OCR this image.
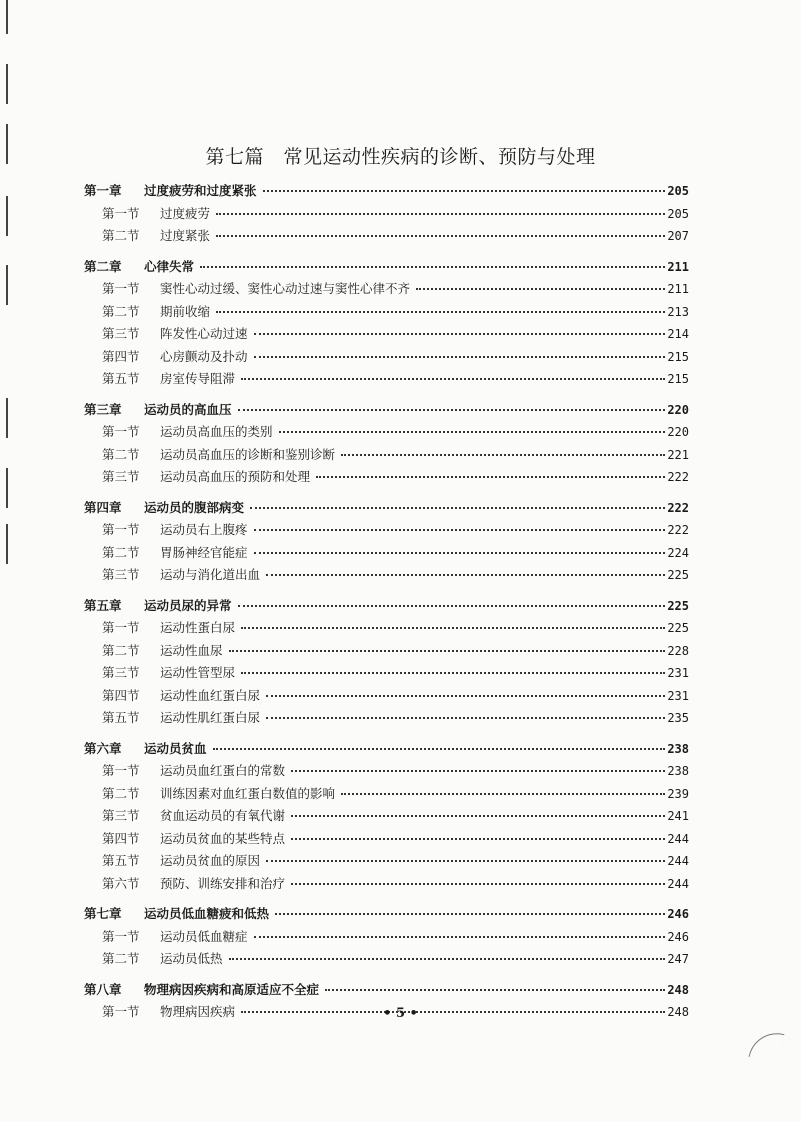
第七篇　常见运动性疾病的诊断、预防与处理
第一章	过度疲劳和过度紧张	205
第一节	过度疲劳	205
第二节	过度紧张	207
第二章	心律失常	211
第一节	窦性心动过缓、窦性心动过速与窦性心律不齐	211
第二节	期前收缩	213
第三节	阵发性心动过速	214
第四节	心房颤动及扑动	215
第五节	房室传导阻滞	215
第三章	运动员的高血压	220
第一节	运动员高血压的类别	220
第二节	运动员高血压的诊断和鉴别诊断	221
第三节	运动员高血压的预防和处理	222
第四章	运动员的腹部病变	222
第一节	运动员右上腹疼	222
第二节	胃肠神经官能症	224
第三节	运动与消化道出血	225
第五章	运动员尿的异常	225
第一节	运动性蛋白尿	225
第二节	运动性血尿	228
第三节	运动性管型尿	231
第四节	运动性血红蛋白尿	231
第五节	运动性肌红蛋白尿	235
第六章	运动员贫血	238
第一节	运动员血红蛋白的常数	238
第二节	训练因素对血红蛋白数值的影响	239
第三节	贫血运动员的有氧代谢	241
第四节	运动员贫血的某些特点	244
第五节	运动员贫血的原因	244
第六节	预防、训练安排和治疗	244
第七章	运动员低血糖疲和低热	246
第一节	运动员低血糖症	246
第二节	运动员低热	247
第八章	物理病因疾病和高原适应不全症	248
第一节	物理病因疾病	248
• 5 •
